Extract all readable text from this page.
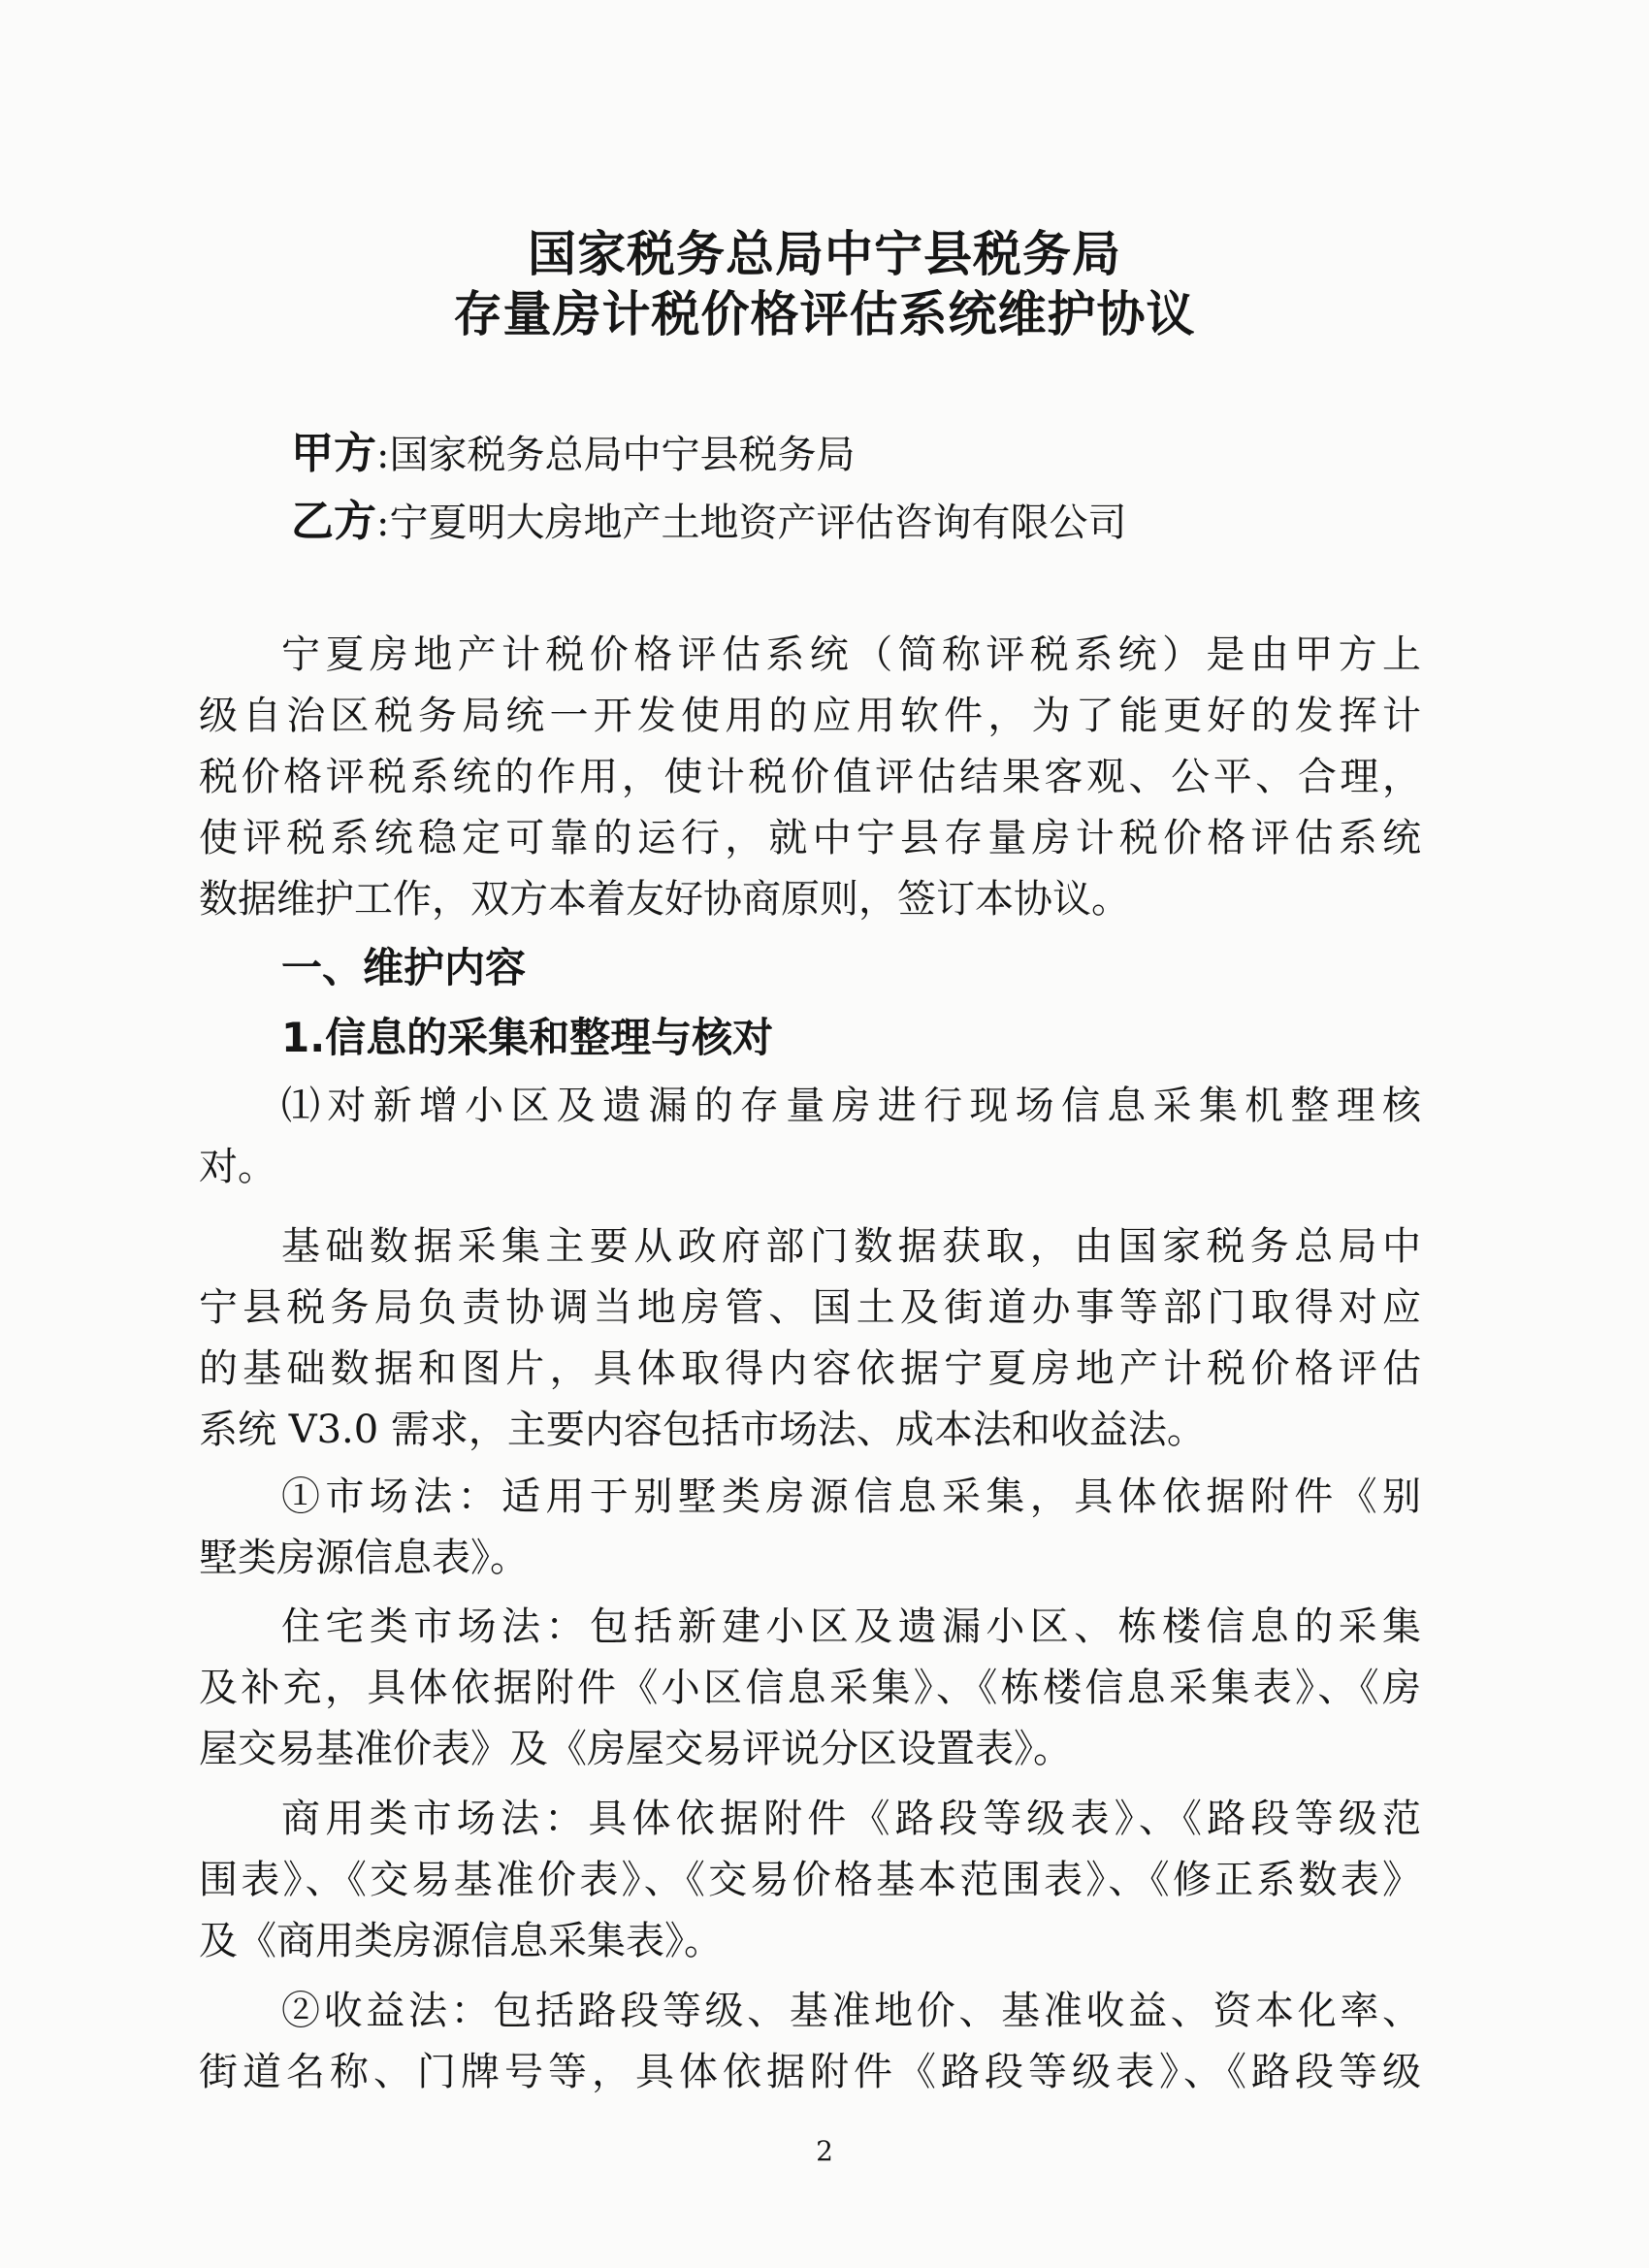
国家税务总局中宁县税务局
存量房计税价格评估系统维护协议
甲方:国家税务总局中宁县税务局
乙方:宁夏明大房地产土地资产评估咨询有限公司
宁夏房地产计税价格评估系统（简称评税系统）是由甲方上
级自治区税务局统一开发使用的应用软件，为了能更好的发挥计
税价格评税系统的作用，使计税价值评估结果客观、公平、合理，
使评税系统稳定可靠的运行，就中宁县存量房计税价格评估系统
数据维护工作，双方本着友好协商原则，签订本协议。
一、维护内容
1.信息的采集和整理与核对
⑴对新增小区及遗漏的存量房进行现场信息采集机整理核
对。
基础数据采集主要从政府部门数据获取，由国家税务总局中
宁县税务局负责协调当地房管、国土及街道办事等部门取得对应
的基础数据和图片，具体取得内容依据宁夏房地产计税价格评估
系统 V3.0 需求，主要内容包括市场法、成本法和收益法。
①市场法：适用于别墅类房源信息采集，具体依据附件《别
墅类房源信息表》。
住宅类市场法：包括新建小区及遗漏小区、栋楼信息的采集
及补充，具体依据附件《小区信息采集》、《栋楼信息采集表》、《房
屋交易基准价表》及《房屋交易评说分区设置表》。
商用类市场法：具体依据附件《路段等级表》、《路段等级范
围表》、《交易基准价表》、《交易价格基本范围表》、《修正系数表》
及《商用类房源信息采集表》。
②收益法：包括路段等级、基准地价、基准收益、资本化率、
街道名称、门牌号等，具体依据附件《路段等级表》、《路段等级
2
